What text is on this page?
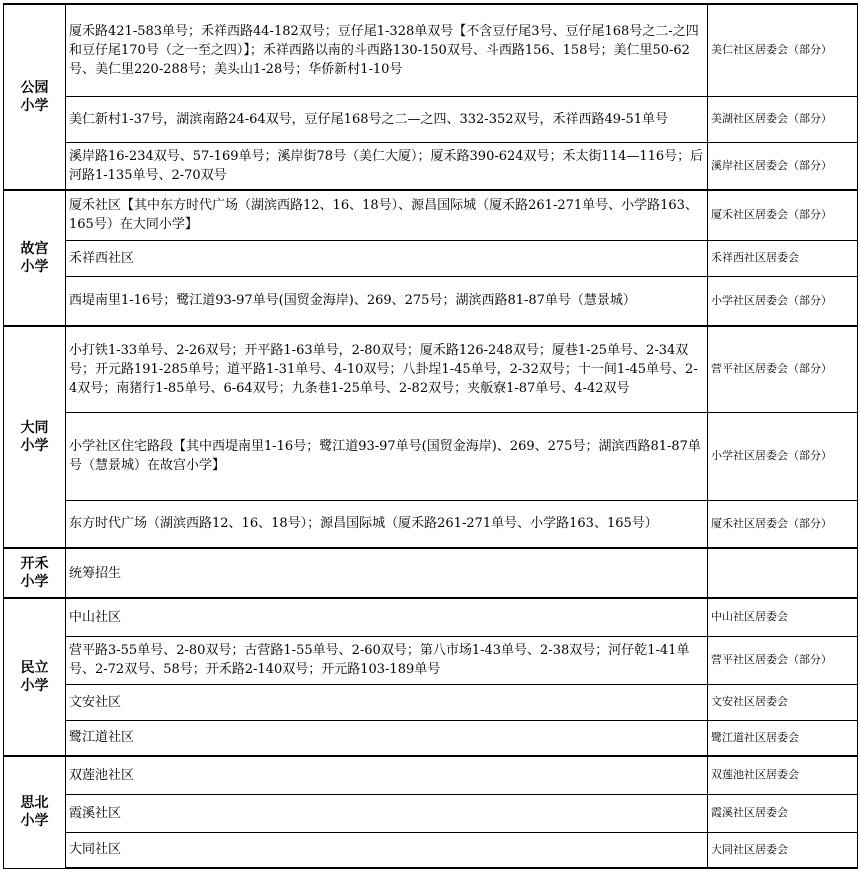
公园小学	厦禾路421-583单号；禾祥西路44-182双号；豆仔尾1-328单双号【不含豆仔尾3号、豆仔尾168号之二-之四和豆仔尾170号（之一至之四）】；禾祥西路以南的斗西路130-150双号、斗西路156、158号；美仁里50-62号、美仁里220-288号；美头山1-28号；华侨新村1-10号	美仁社区居委会（部分）
	美仁新村1-37号，湖滨南路24-64双号，豆仔尾168号之二—之四、332-352双号，禾祥西路49-51单号	美湖社区居委会（部分）
	溪岸路16-234双号、57-169单号；溪岸街78号（美仁大厦）；厦禾路390-624双号；禾太街114—116号；后河路1-135单号、2-70双号	溪岸社区居委会（部分）
故宫小学	厦禾社区【其中东方时代广场（湖滨西路12、16、18号）、源昌国际城（厦禾路261-271单号、小学路163、165号）在大同小学】	厦禾社区居委会（部分）
	禾祥西社区	禾祥西社区居委会
	西堤南里1-16号；鹭江道93-97单号(国贸金海岸)、269、275号；湖滨西路81-87单号（慧景城）	小学社区居委会（部分）
大同小学	小打铁1-33单号、2-26双号；开平路1-63单号，2-80双号；厦禾路126-248双号；厦巷1-25单号、2-34双号；开元路191-285单号；道平路1-31单号、4-10双号；八卦埕1-45单号，2-32双号；十一间1-45单号、2-4双号；南猪行1-85单号、6-64双号；九条巷1-25单号、2-82双号；夹舨寮1-87单号、4-42双号	营平社区居委会（部分）
	小学社区住宅路段【其中西堤南里1-16号；鹭江道93-97单号(国贸金海岸)、269、275号；湖滨西路81-87单号（慧景城）在故宫小学】	小学社区居委会（部分）
	东方时代广场（湖滨西路12、16、18号）；源昌国际城（厦禾路261-271单号、小学路163、165号）	厦禾社区居委会（部分）
开禾小学	统筹招生	
民立小学	中山社区	中山社区居委会
	营平路3-55单号、2-80双号；古营路1-55单号、2-60双号；第八市场1-43单号、2-38双号；河仔乾1-41单号、2-72双号、58号；开禾路2-140双号；开元路103-189单号	营平社区居委会（部分）
	文安社区	文安社区居委会
	鹭江道社区	鹭江道社区居委会
思北小学	双莲池社区	双莲池社区居委会
	霞溪社区	霞溪社区居委会
	大同社区	大同社区居委会
